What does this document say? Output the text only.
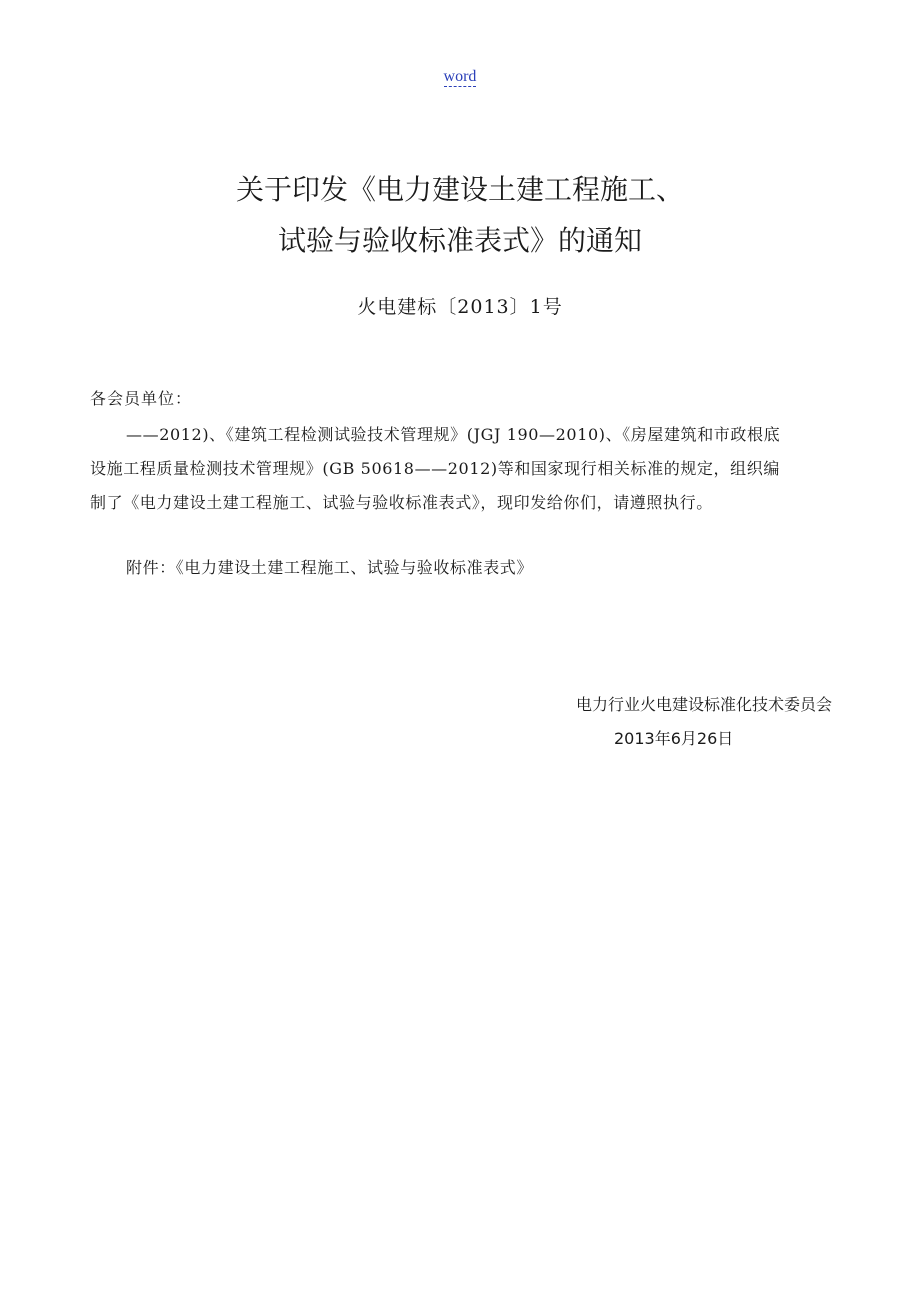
word
关于印发《电力建设土建工程施工、
试验与验收标准表式》的通知
火电建标〔2013〕1号
各会员单位：
——2012)、《建筑工程检测试验技术管理规》(JGJ 190—2010)、《房屋建筑和市政根底
设施工程质量检测技术管理规》(GB 50618——2012)等和国家现行相关标准的规定，组织编
制了《电力建设土建工程施工、试验与验收标准表式》，现印发给你们，请遵照执行。
附件：《电力建设土建工程施工、试验与验收标准表式》
电力行业火电建设标准化技术委员会
2013年6月26日
